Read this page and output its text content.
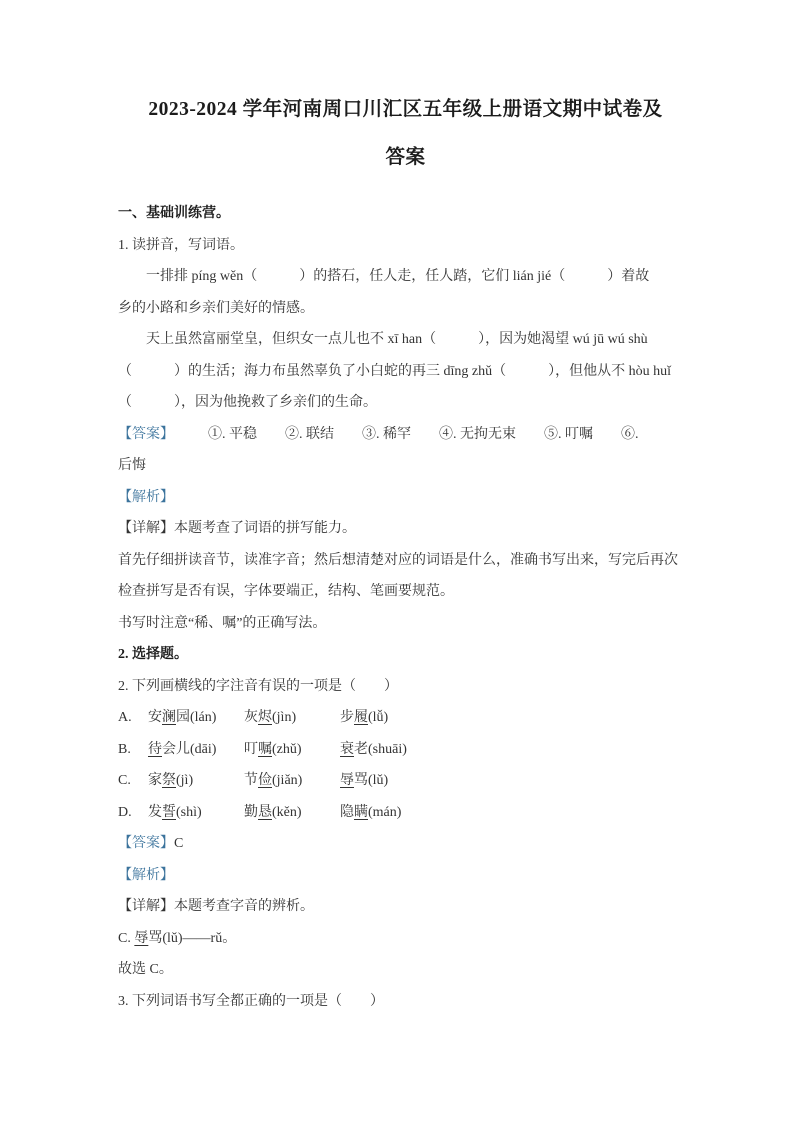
2023-2024 学年河南周口川汇区五年级上册语文期中试卷及
答案

一、基础训练营。

1. 读拼音，写词语。

一排排 píng wěn（　　　）的搭石，任人走，任人踏，它们 lián jié（　　　）着故

乡的小路和乡亲们美好的情感。

天上虽然富丽堂皇，但织女一点儿也不 xī han（　　　），因为她渴望 wú jū wú shù

（　　　）的生活；海力布虽然辜负了小白蛇的再三 dīng zhǔ（　　　），但他从不 hòu huǐ

（　　　），因为他挽救了乡亲们的生命。

【答案】 ①. 平稳　　②. 联结　　③. 稀罕　　④. 无拘无束　　⑤. 叮嘱　　⑥.

后悔

【解析】

【详解】本题考查了词语的拼写能力。

首先仔细拼读音节，读准字音；然后想清楚对应的词语是什么，准确书写出来，写完后再次

检查拼写是否有误，字体要端正，结构、笔画要规范。

书写时注意“稀、嘱”的正确写法。

2. 选择题。

2. 下列画横线的字注音有误的一项是（　　）

A.	安澜园(lán)	灰烬(jìn)	步履(lǚ)

B.	待会儿(dāi)	叮嘱(zhǔ)	衰老(shuāi)

C.	家祭(jì)	节俭(jiǎn)	辱骂(lǔ)

D.	发誓(shì)	勤恳(kěn)	隐瞒(mán)

【答案】C

【解析】

【详解】本题考查字音的辨析。

C. 辱骂(lǔ)——rǔ。

故选 C。

3. 下列词语书写全都正确的一项是（　　）
